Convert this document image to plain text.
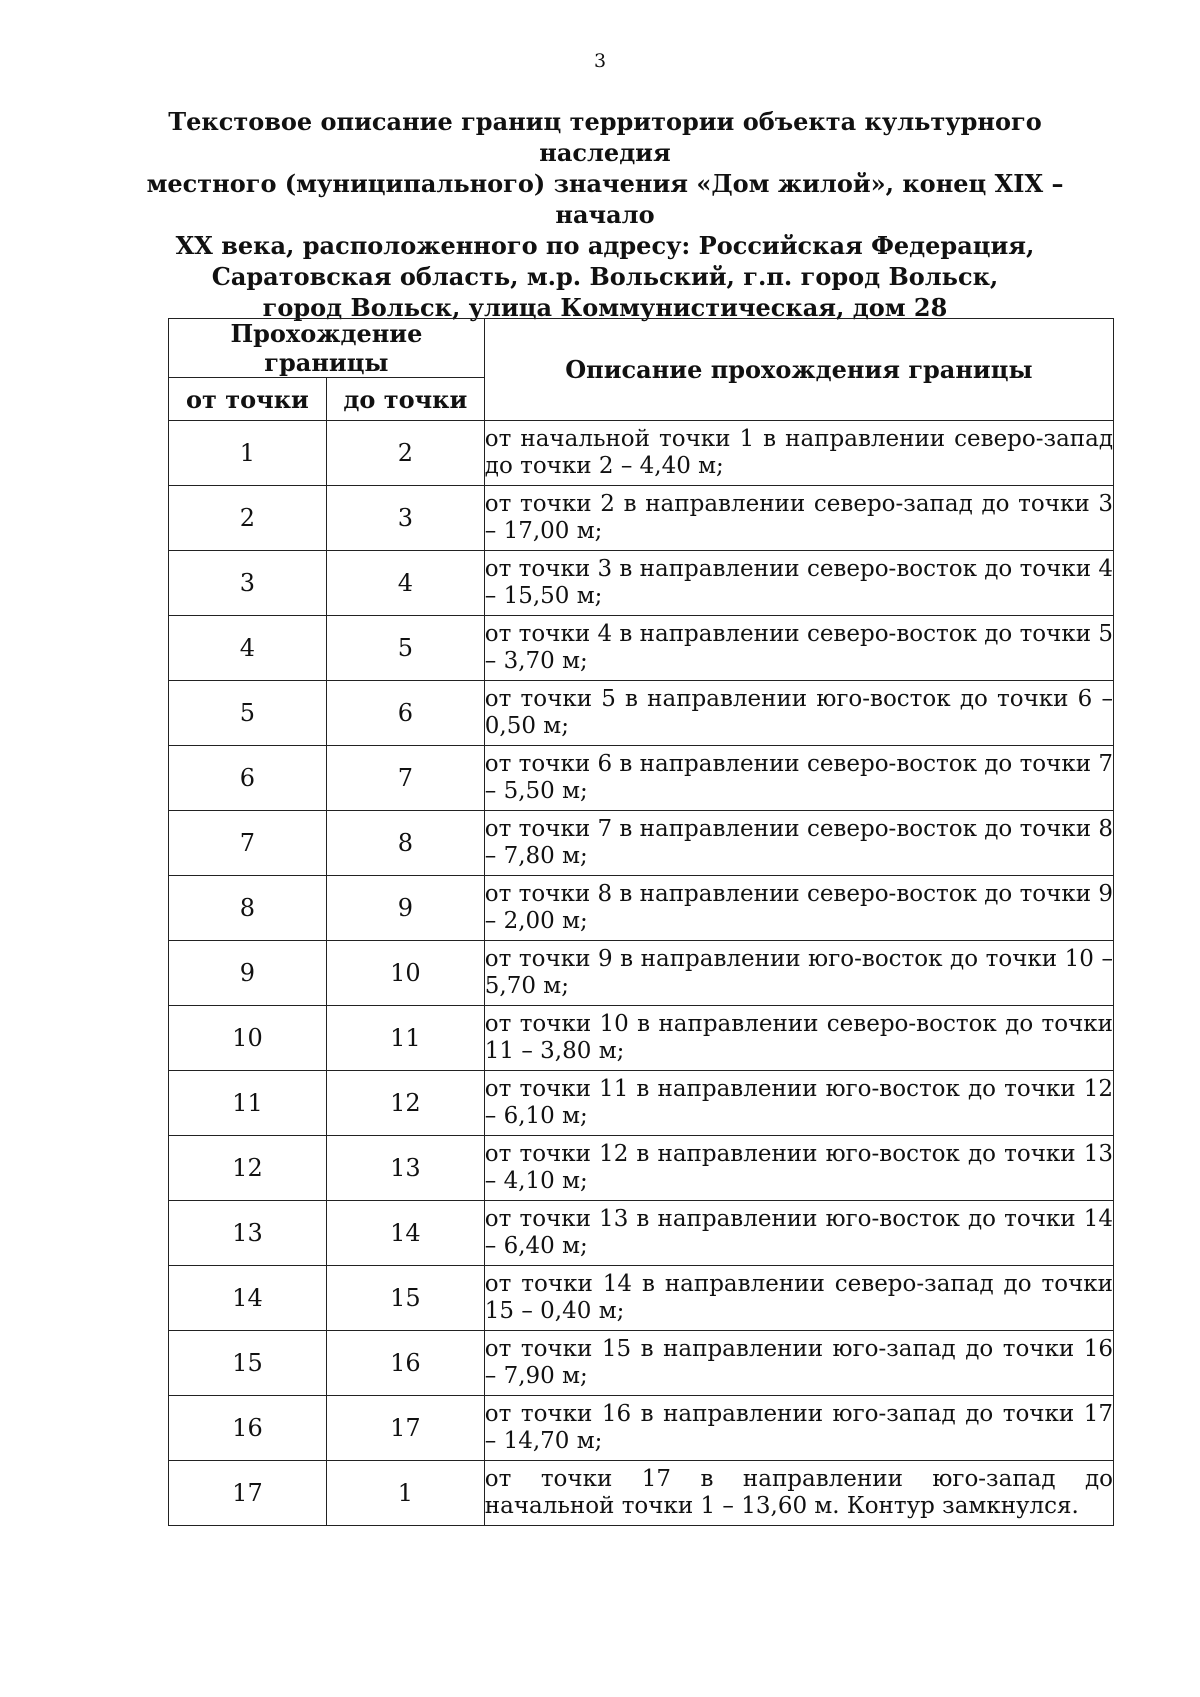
3
Текстовое описание границ территории объекта культурного наследия
местного (муниципального) значения «Дом жилой», конец XIX – начало
XX века, расположенного по адресу: Российская Федерация,
Саратовская область, м.р. Вольский, г.п. город Вольск,
город Вольск, улица Коммунистическая, дом 28
Прохождение границы		Описание прохождения границы
от точки	до точки	
1	2	от начальной точки 1 в направлении северо-запад до точки 2 – 4,40 м;
2	3	от точки 2 в направлении северо-запад до точки 3 – 17,00 м;
3	4	от точки 3 в направлении северо-восток до точки 4 – 15,50 м;
4	5	от точки 4 в направлении северо-восток до точки 5 – 3,70 м;
5	6	от точки 5 в направлении юго-восток до точки 6 – 0,50 м;
6	7	от точки 6 в направлении северо-восток до точки 7 – 5,50 м;
7	8	от точки 7 в направлении северо-восток до точки 8 – 7,80 м;
8	9	от точки 8 в направлении северо-восток до точки 9 – 2,00 м;
9	10	от точки 9 в направлении юго-восток до точки 10 – 5,70 м;
10	11	от точки 10 в направлении северо-восток до точки 11 – 3,80 м;
11	12	от точки 11 в направлении юго-восток до точки 12 – 6,10 м;
12	13	от точки 12 в направлении юго-восток до точки 13 – 4,10 м;
13	14	от точки 13 в направлении юго-восток до точки 14 – 6,40 м;
14	15	от точки 14 в направлении северо-запад до точки 15 – 0,40 м;
15	16	от точки 15 в направлении юго-запад до точки 16 – 7,90 м;
16	17	от точки 16 в направлении юго-запад до точки 17 – 14,70 м;
17	1	от точки 17 в направлении юго-запад до начальной точки 1 – 13,60 м. Контур замкнулся.
